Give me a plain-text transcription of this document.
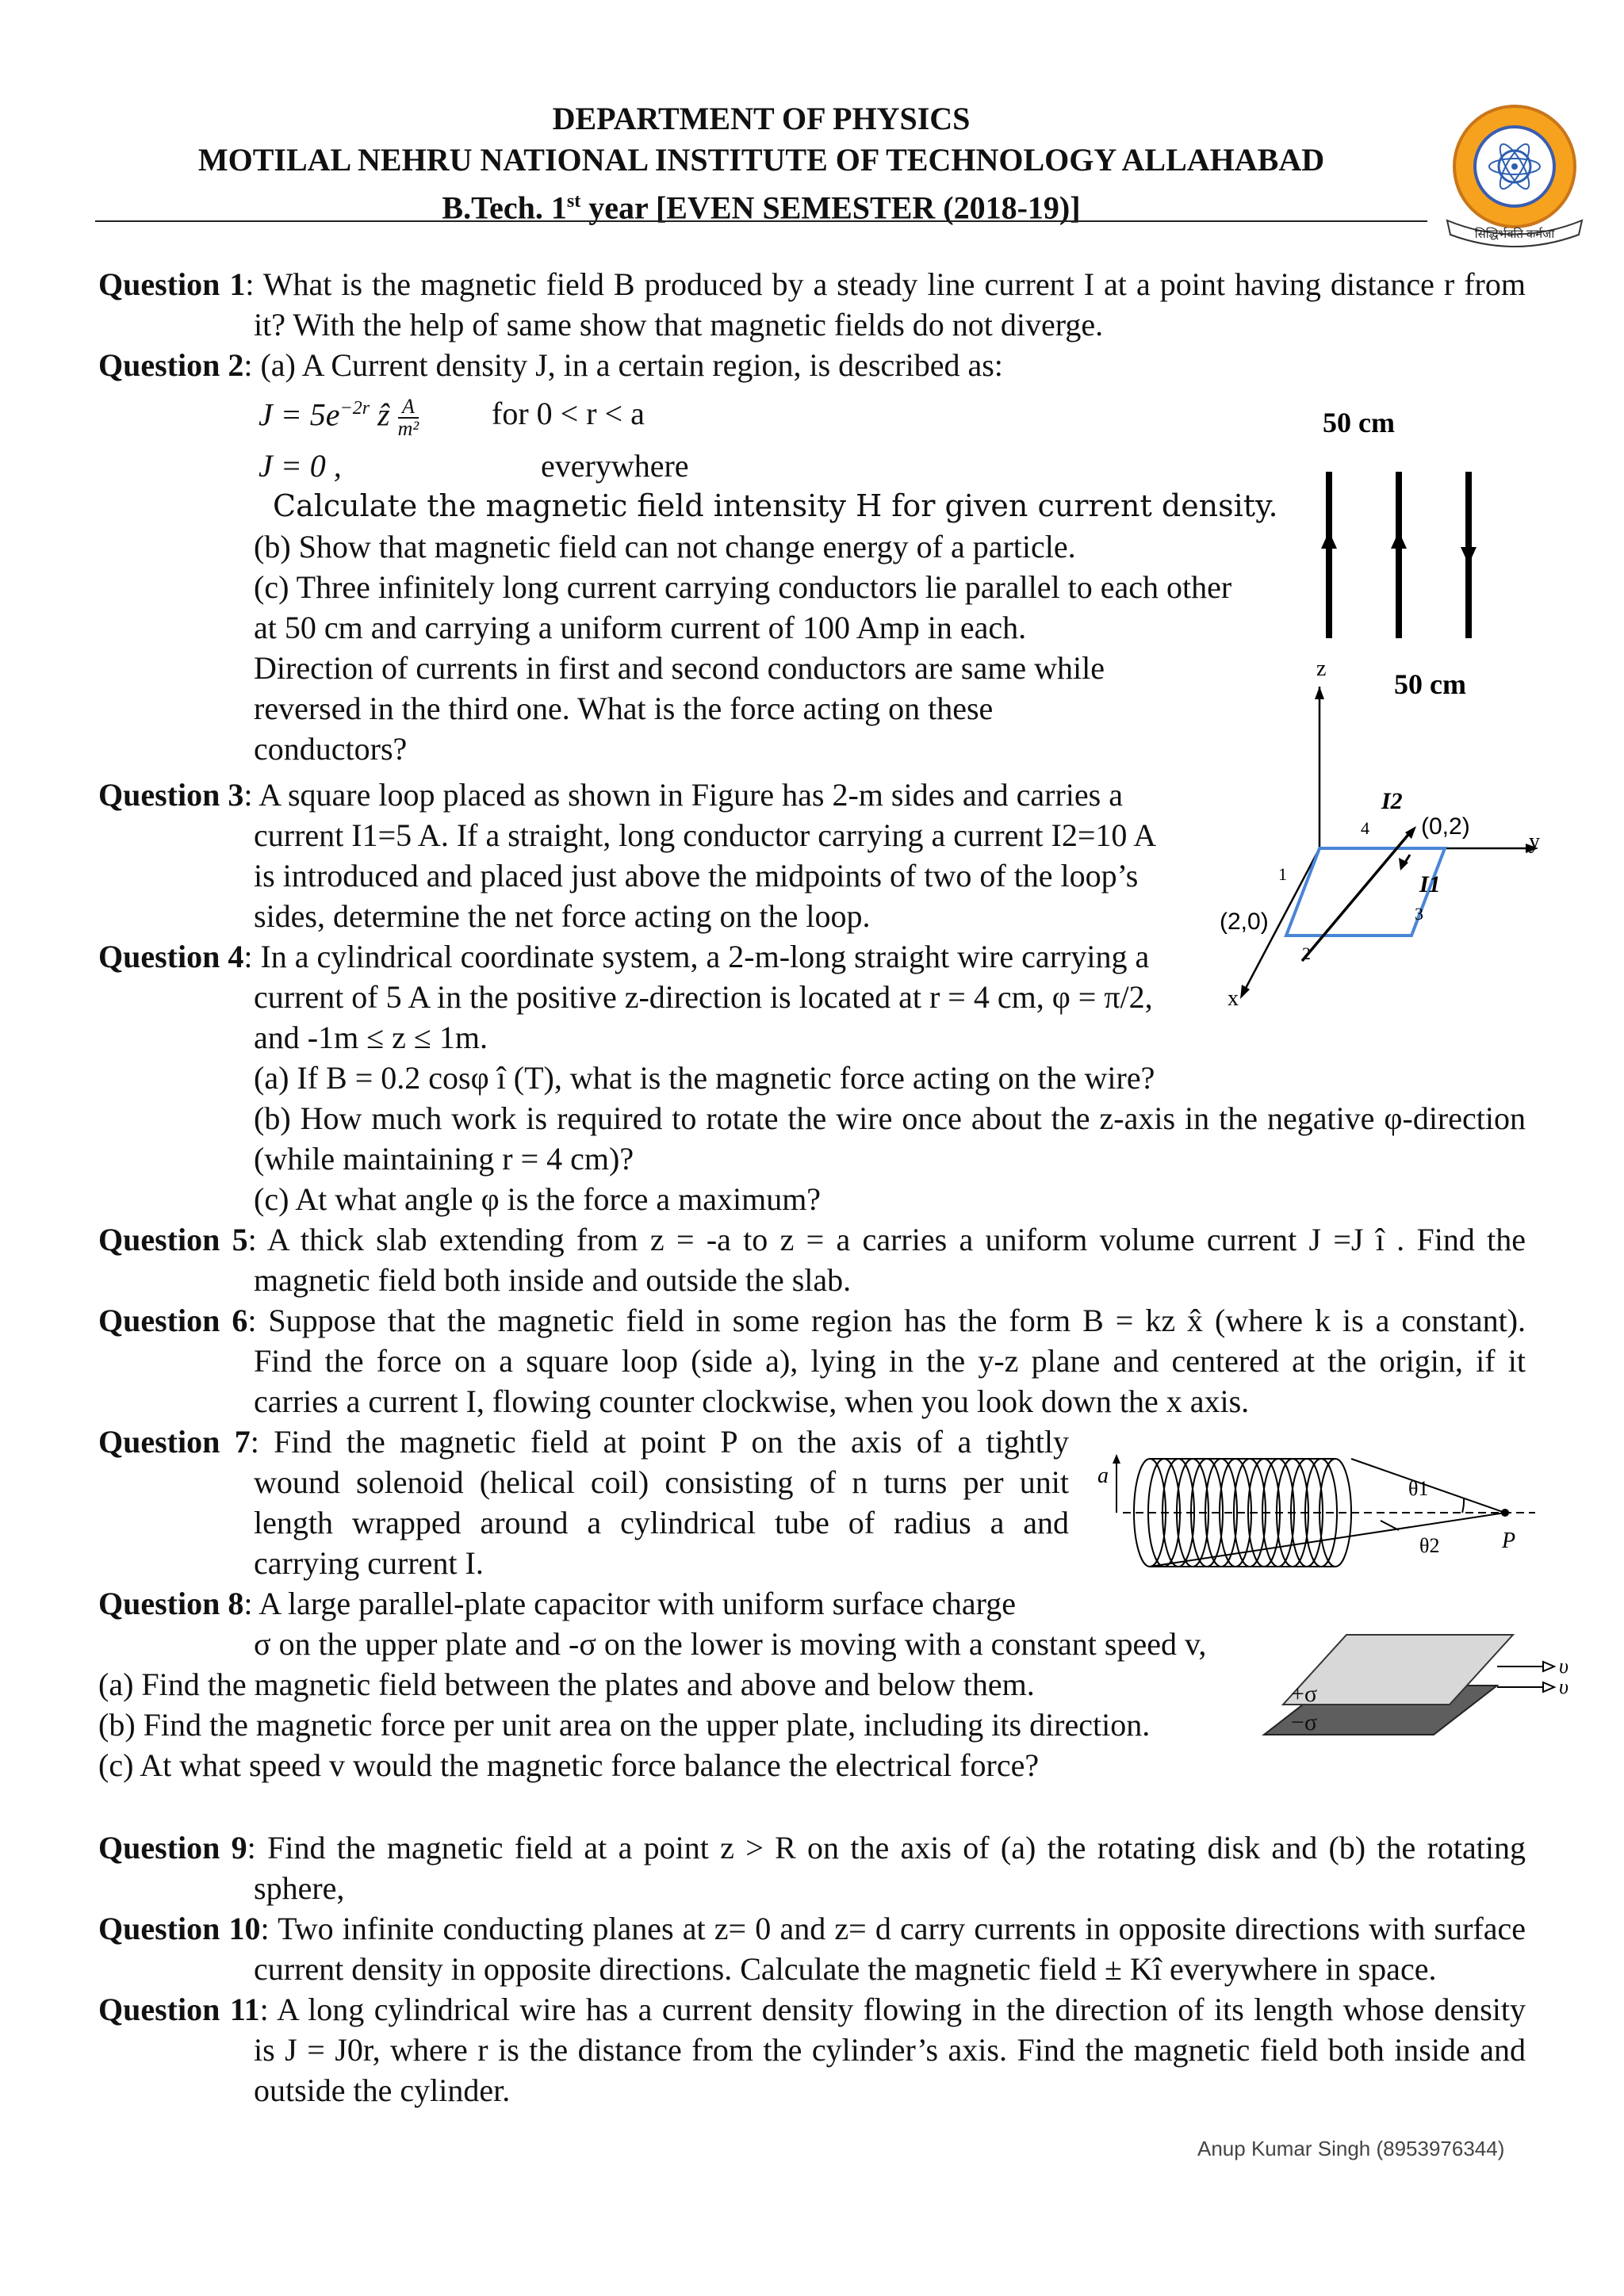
DEPARTMENT OF PHYSICS
MOTILAL NEHRU NATIONAL INSTITUTE OF TECHNOLOGY ALLAHABAD
B.Tech. 1st year [EVEN SEMESTER (2018-19)]
सिद्धिर्भवति कर्मजा
Question 1: What is the magnetic field B produced by a steady line current I at a point having distance r from
it? With the help of same show that magnetic fields do not diverge.
Question 2: (a) A Current density J, in a certain region, is described as:
$J = 5e^{-2r}$ ẑ $\frac{A}{\text{m²}}$ for 0 < r < a
J = 0 ,	everywhere
Calculate the magnetic field intensity H for given current density.
(b) Show that magnetic field can not change energy of a particle.
(c) Three infinitely long current carrying conductors lie parallel to each other
at 50 cm and carrying a uniform current of 100 Amp in each.
Direction of currents in first and second conductors are same while
reversed in the third one. What is the force acting on these
conductors?
50 cm
50 cm
z
y
x
I2
(0,2)
I1
(2,0)
1
2
3
4
Question 3: A square loop placed as shown in Figure has 2-m sides and carries a
current I1=5 A. If a straight, long conductor carrying a current I2=10 A
is introduced and placed just above the midpoints of two of the loop’s
sides, determine the net force acting on the loop.
Question 4: In a cylindrical coordinate system, a 2-m-long straight wire carrying a
current of 5 A in the positive z-direction is located at r = 4 cm, φ = π/2,
and -1m ≤ z ≤ 1m.
(a) If B = 0.2 cosφ î (T), what is the magnetic force acting on the wire?
(b) How much work is required to rotate the wire once about the z-axis in the negative φ-direction
(while maintaining r = 4 cm)?
(c) At what angle φ is the force a maximum?
Question 5: A thick slab extending from z = -a to z = a carries a uniform volume current J =J î . Find the
magnetic field both inside and outside the slab.
Question 6: Suppose that the magnetic field in some region has the form B = kz x̂ (where k is a constant).
Find the force on a square loop (side a), lying in the y-z plane and centered at the origin, if it
carries a current I, flowing counter clockwise, when you look down the x axis.
Question 7: Find the magnetic field at point P on the axis of a tightly
wound solenoid (helical coil) consisting of n turns per unit
length wrapped around a cylindrical tube of radius a and
carrying current I.
a
θ1
θ2	P
Question 8: A large parallel-plate capacitor with uniform surface charge
σ on the upper plate and -σ on the lower is moving with a constant speed v,
(a) Find the magnetic field between the plates and above and below them.
(b) Find the magnetic force per unit area on the upper plate, including its direction.
(c) At what speed v would the magnetic force balance the electrical force?
+σ
−σ
υ
υ
Question 9: Find the magnetic field at a point z > R on the axis of (a) the rotating disk and (b) the rotating
sphere,
Question 10: Two infinite conducting planes at z= 0 and z= d carry currents in opposite directions with surface
current density in opposite directions. Calculate the magnetic field ± Kî everywhere in space.
Question 11: A long cylindrical wire has a current density flowing in the direction of its length whose density
is J = J0r, where r is the distance from the cylinder’s axis. Find the magnetic field both inside and
outside the cylinder.
Anup Kumar Singh (8953976344)
